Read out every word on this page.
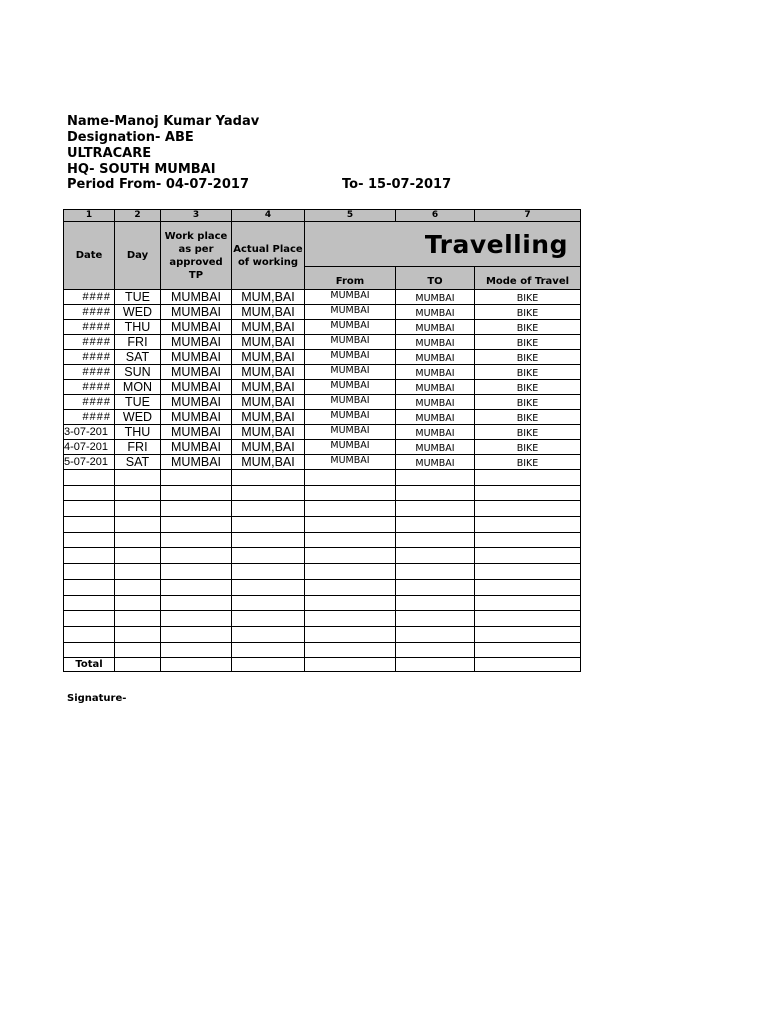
Name-Manoj Kumar Yadav
Designation- ABE
ULTRACARE
HQ- SOUTH MUMBAI
Period From- 04-07-2017	To- 15-07-2017
1	2	3	4	5	6	7
Date	Day	Work place as per approved TP	Actual Place of working	Travelling		
				From	TO	Mode of Travel
####	TUE	MUMBAI	MUM,BAI	MUMBAI	MUMBAI	BIKE
####	WED	MUMBAI	MUM,BAI	MUMBAI	MUMBAI	BIKE
####	THU	MUMBAI	MUM,BAI	MUMBAI	MUMBAI	BIKE
####	FRI	MUMBAI	MUM,BAI	MUMBAI	MUMBAI	BIKE
####	SAT	MUMBAI	MUM,BAI	MUMBAI	MUMBAI	BIKE
####	SUN	MUMBAI	MUM,BAI	MUMBAI	MUMBAI	BIKE
####	MON	MUMBAI	MUM,BAI	MUMBAI	MUMBAI	BIKE
####	TUE	MUMBAI	MUM,BAI	MUMBAI	MUMBAI	BIKE
####	WED	MUMBAI	MUM,BAI	MUMBAI	MUMBAI	BIKE
3-07-201	THU	MUMBAI	MUM,BAI	MUMBAI	MUMBAI	BIKE
4-07-201	FRI	MUMBAI	MUM,BAI	MUMBAI	MUMBAI	BIKE
5-07-201	SAT	MUMBAI	MUM,BAI	MUMBAI	MUMBAI	BIKE

Total						
Signature-
